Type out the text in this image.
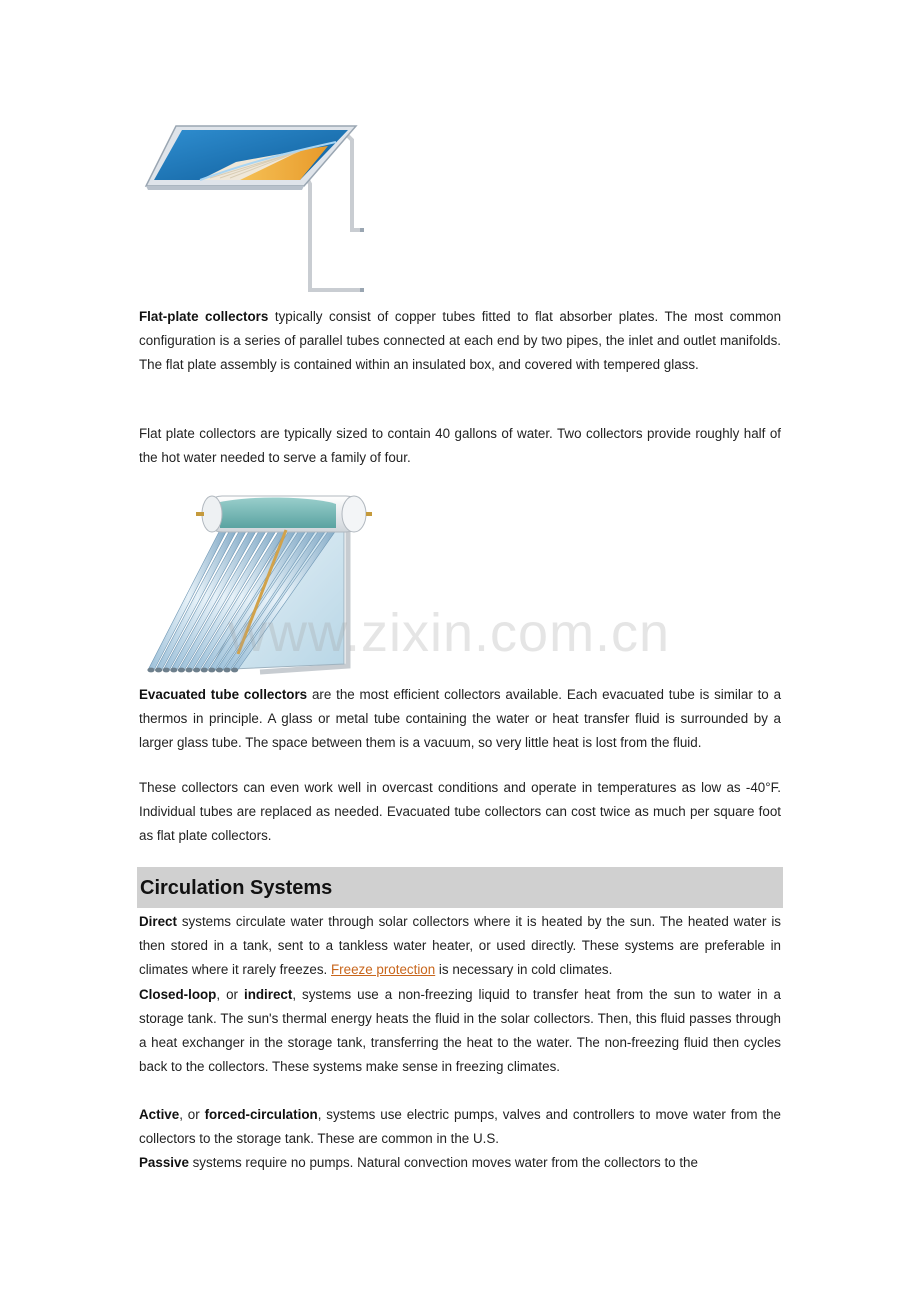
Flat-plate collectors typically consist of copper tubes fitted to flat absorber plates. The most common configuration is a series of parallel tubes connected at each end by two pipes, the inlet and outlet manifolds. The flat plate assembly is contained within an insulated box, and covered with tempered glass.

Flat plate collectors are typically sized to contain 40 gallons of water. Two collectors provide roughly half of the hot water needed to serve a family of four.

www.zixin.com.cn

Evacuated tube collectors are the most efficient collectors available. Each evacuated tube is similar to a thermos in principle. A glass or metal tube containing the water or heat transfer fluid is surrounded by a larger glass tube. The space between them is a vacuum, so very little heat is lost from the fluid.

These collectors can even work well in overcast conditions and operate in temperatures as low as -40°F. Individual tubes are replaced as needed. Evacuated tube collectors can cost twice as much per square foot as flat plate collectors.

Circulation Systems

Direct systems circulate water through solar collectors where it is heated by the sun. The heated water is then stored in a tank, sent to a tankless water heater, or used directly. These systems are preferable in climates where it rarely freezes. Freeze protection is necessary in cold climates.

Closed-loop, or indirect, systems use a non-freezing liquid to transfer heat from the sun to water in a storage tank. The sun's thermal energy heats the fluid in the solar collectors. Then, this fluid passes through a heat exchanger in the storage tank, transferring the heat to the water. The non-freezing fluid then cycles back to the collectors. These systems make sense in freezing climates.

Active, or forced-circulation, systems use electric pumps, valves and controllers to move water from the collectors to the storage tank. These are common in the U.S.

Passive systems require no pumps. Natural convection moves water from the collectors to the
